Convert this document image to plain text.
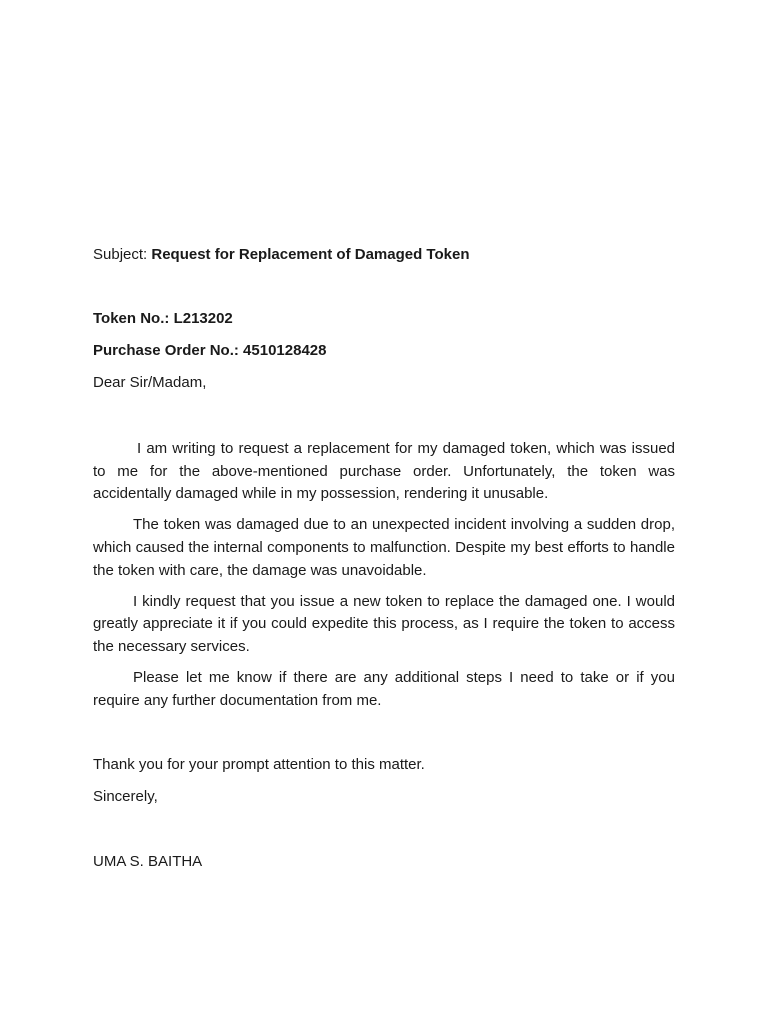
Subject: Request for Replacement of Damaged Token

Token No.: L213202

Purchase Order No.: 4510128428

Dear Sir/Madam,

I am writing to request a replacement for my damaged token, which was issued to me for the above-mentioned purchase order. Unfortunately, the token was accidentally damaged while in my possession, rendering it unusable.

The token was damaged due to an unexpected incident involving a sudden drop, which caused the internal components to malfunction. Despite my best efforts to handle the token with care, the damage was unavoidable.

I kindly request that you issue a new token to replace the damaged one. I would greatly appreciate it if you could expedite this process, as I require the token to access the necessary services.

Please let me know if there are any additional steps I need to take or if you require any further documentation from me.

Thank you for your prompt attention to this matter.

Sincerely,

UMA S. BAITHA
